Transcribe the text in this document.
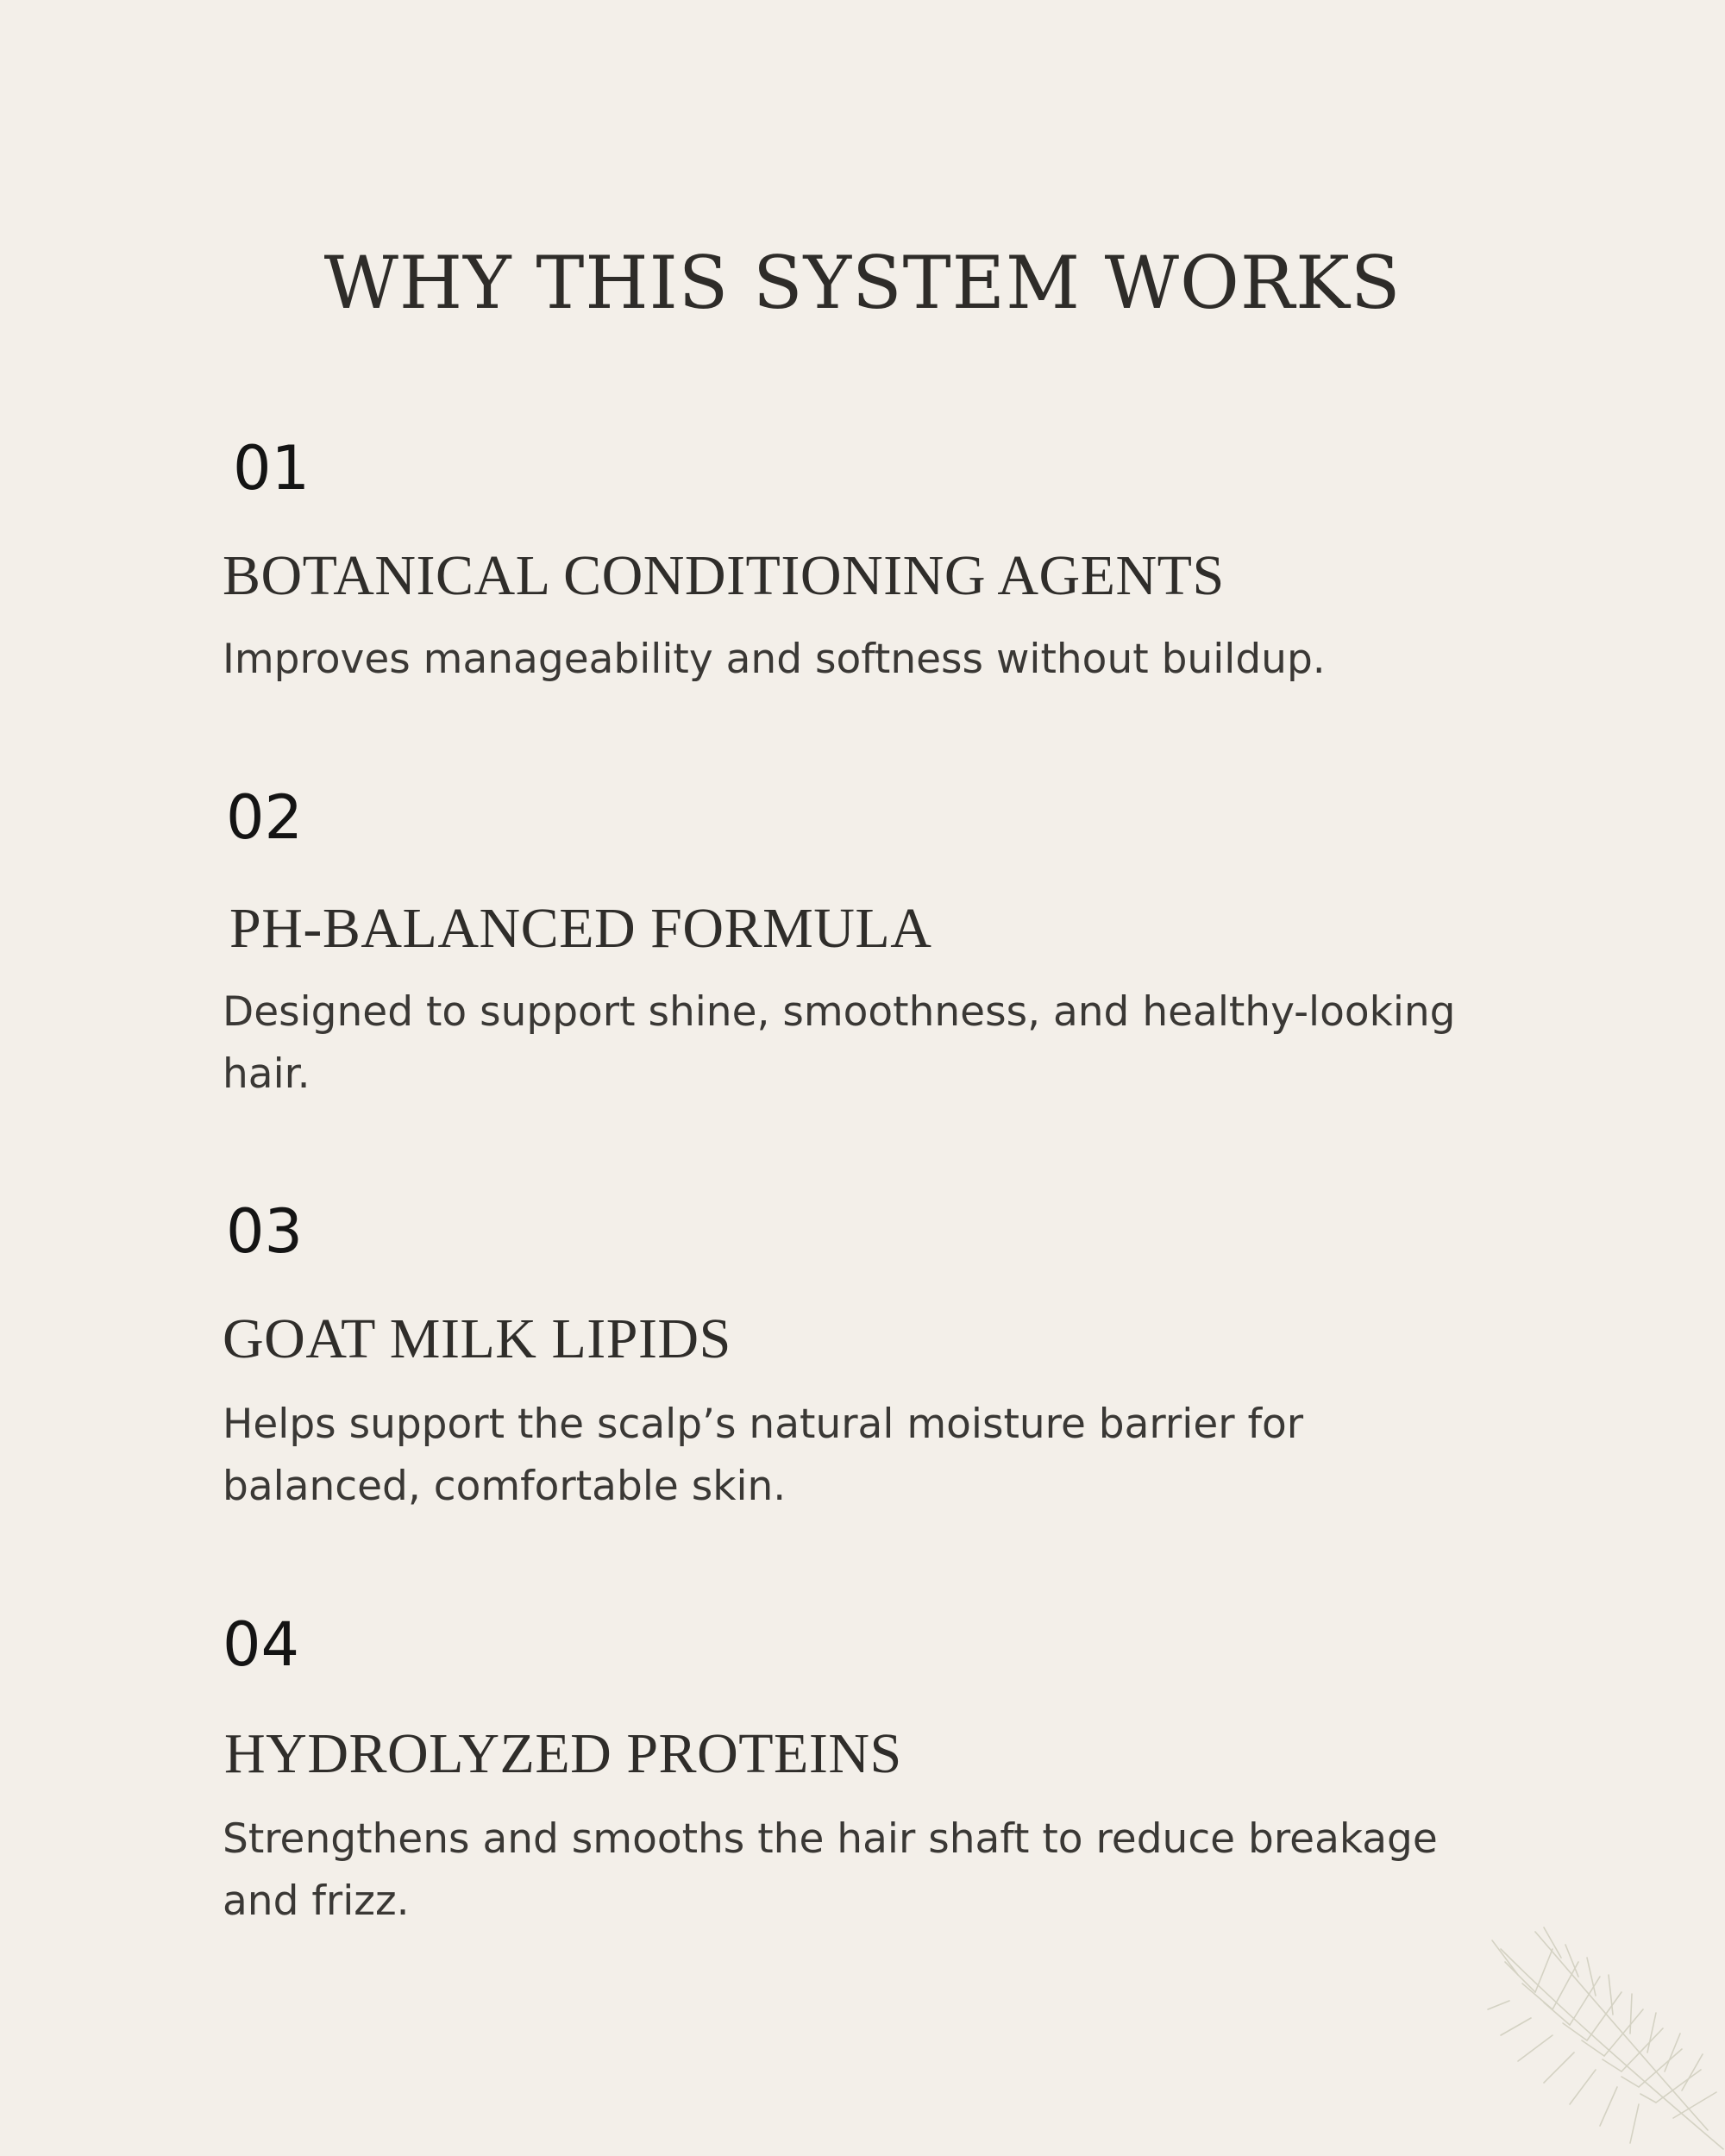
WHY THIS SYSTEM WORKS
01
BOTANICAL CONDITIONING AGENTS
Improves manageability and softness without buildup.
02
PH-BALANCED FORMULA
Designed to support shine, smoothness, and healthy-looking hair.
03
GOAT MILK LIPIDS
Helps support the scalp’s natural moisture barrier for balanced, comfortable skin.
04
HYDROLYZED PROTEINS
Strengthens and smooths the hair shaft to reduce breakage and frizz.
